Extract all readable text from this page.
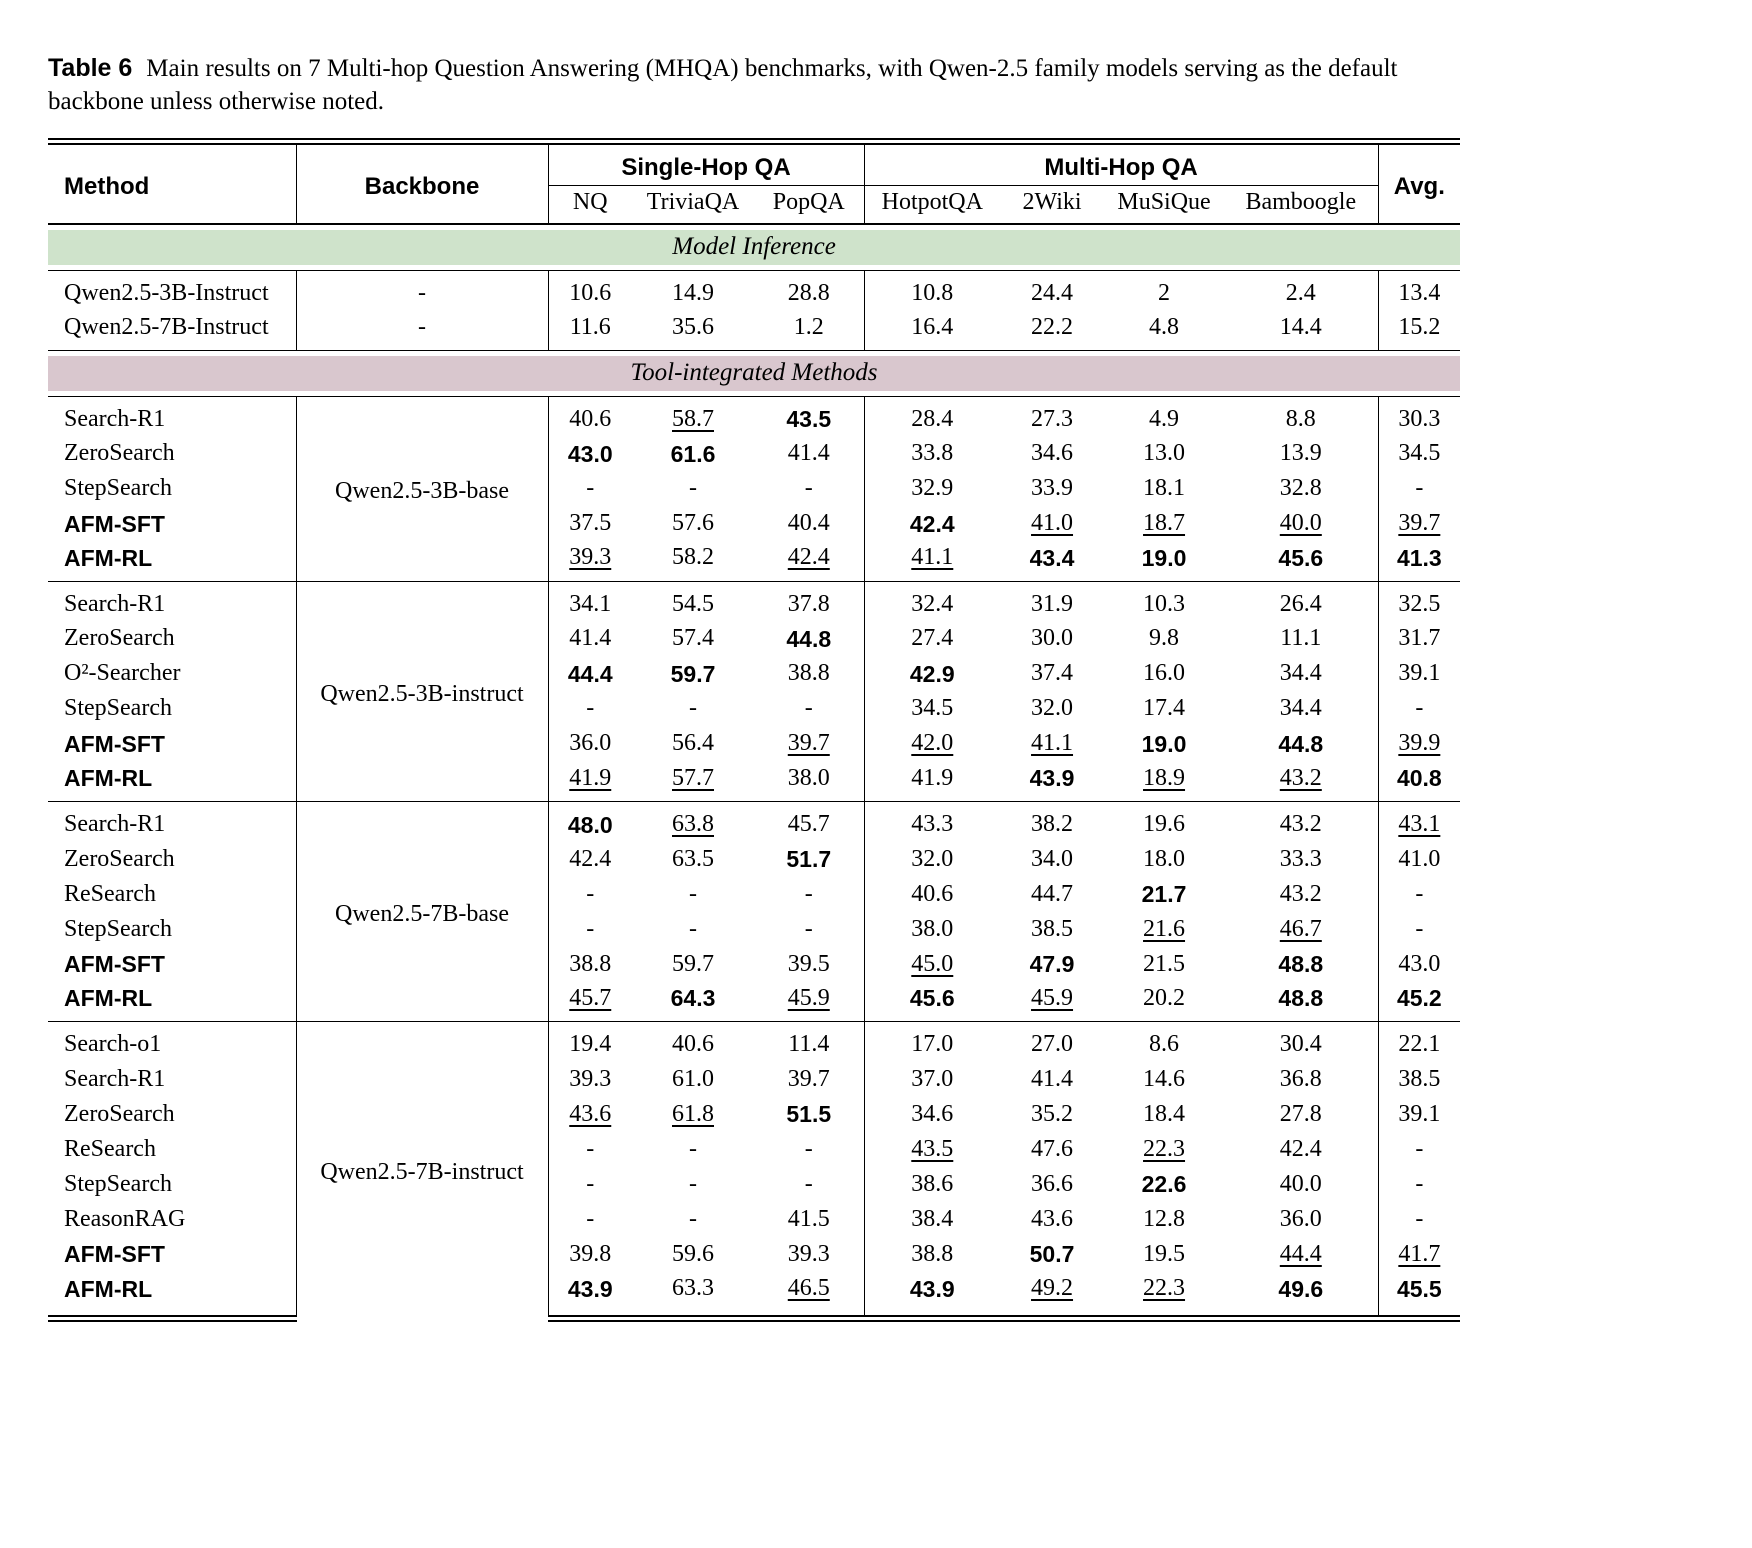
Table 6 Main results on 7 Multi-hop Question Answering (MHQA) benchmarks, with Qwen-2.5 family models serving as the default backbone unless otherwise noted.

Method	Backbone	Single-Hop QA			Multi-Hop QA				Avg.
		NQ	TriviaQA	PopQA	HotpotQA	2Wiki	MuSiQue	Bamboogle	

Model Inference									

Qwen2.5-3B-Instruct	-	10.6	14.9	28.8	10.8	24.4	2	2.4	13.4
Qwen2.5-7B-Instruct	-	11.6	35.6	1.2	16.4	22.2	4.8	14.4	15.2

Tool-integrated Methods									

Search-R1	Qwen2.5-3B-base	40.6	58.7	43.5	28.4	27.3	4.9	8.8	30.3
ZeroSearch		43.0	61.6	41.4	33.8	34.6	13.0	13.9	34.5
StepSearch		-	-	-	32.9	33.9	18.1	32.8	-
AFM-SFT		37.5	57.6	40.4	42.4	41.0	18.7	40.0	39.7
AFM-RL		39.3	58.2	42.4	41.1	43.4	19.0	45.6	41.3
Search-R1	Qwen2.5-3B-instruct	34.1	54.5	37.8	32.4	31.9	10.3	26.4	32.5
ZeroSearch		41.4	57.4	44.8	27.4	30.0	9.8	11.1	31.7
O²-Searcher		44.4	59.7	38.8	42.9	37.4	16.0	34.4	39.1
StepSearch		-	-	-	34.5	32.0	17.4	34.4	-
AFM-SFT		36.0	56.4	39.7	42.0	41.1	19.0	44.8	39.9
AFM-RL		41.9	57.7	38.0	41.9	43.9	18.9	43.2	40.8
Search-R1	Qwen2.5-7B-base	48.0	63.8	45.7	43.3	38.2	19.6	43.2	43.1
ZeroSearch		42.4	63.5	51.7	32.0	34.0	18.0	33.3	41.0
ReSearch		-	-	-	40.6	44.7	21.7	43.2	-
StepSearch		-	-	-	38.0	38.5	21.6	46.7	-
AFM-SFT		38.8	59.7	39.5	45.0	47.9	21.5	48.8	43.0
AFM-RL		45.7	64.3	45.9	45.6	45.9	20.2	48.8	45.2
Search-o1	Qwen2.5-7B-instruct	19.4	40.6	11.4	17.0	27.0	8.6	30.4	22.1
Search-R1		39.3	61.0	39.7	37.0	41.4	14.6	36.8	38.5
ZeroSearch		43.6	61.8	51.5	34.6	35.2	18.4	27.8	39.1
ReSearch		-	-	-	43.5	47.6	22.3	42.4	-
StepSearch		-	-	-	38.6	36.6	22.6	40.0	-
ReasonRAG		-	-	41.5	38.4	43.6	12.8	36.0	-
AFM-SFT		39.8	59.6	39.3	38.8	50.7	19.5	44.4	41.7
AFM-RL		43.9	63.3	46.5	43.9	49.2	22.3	49.6	45.5
